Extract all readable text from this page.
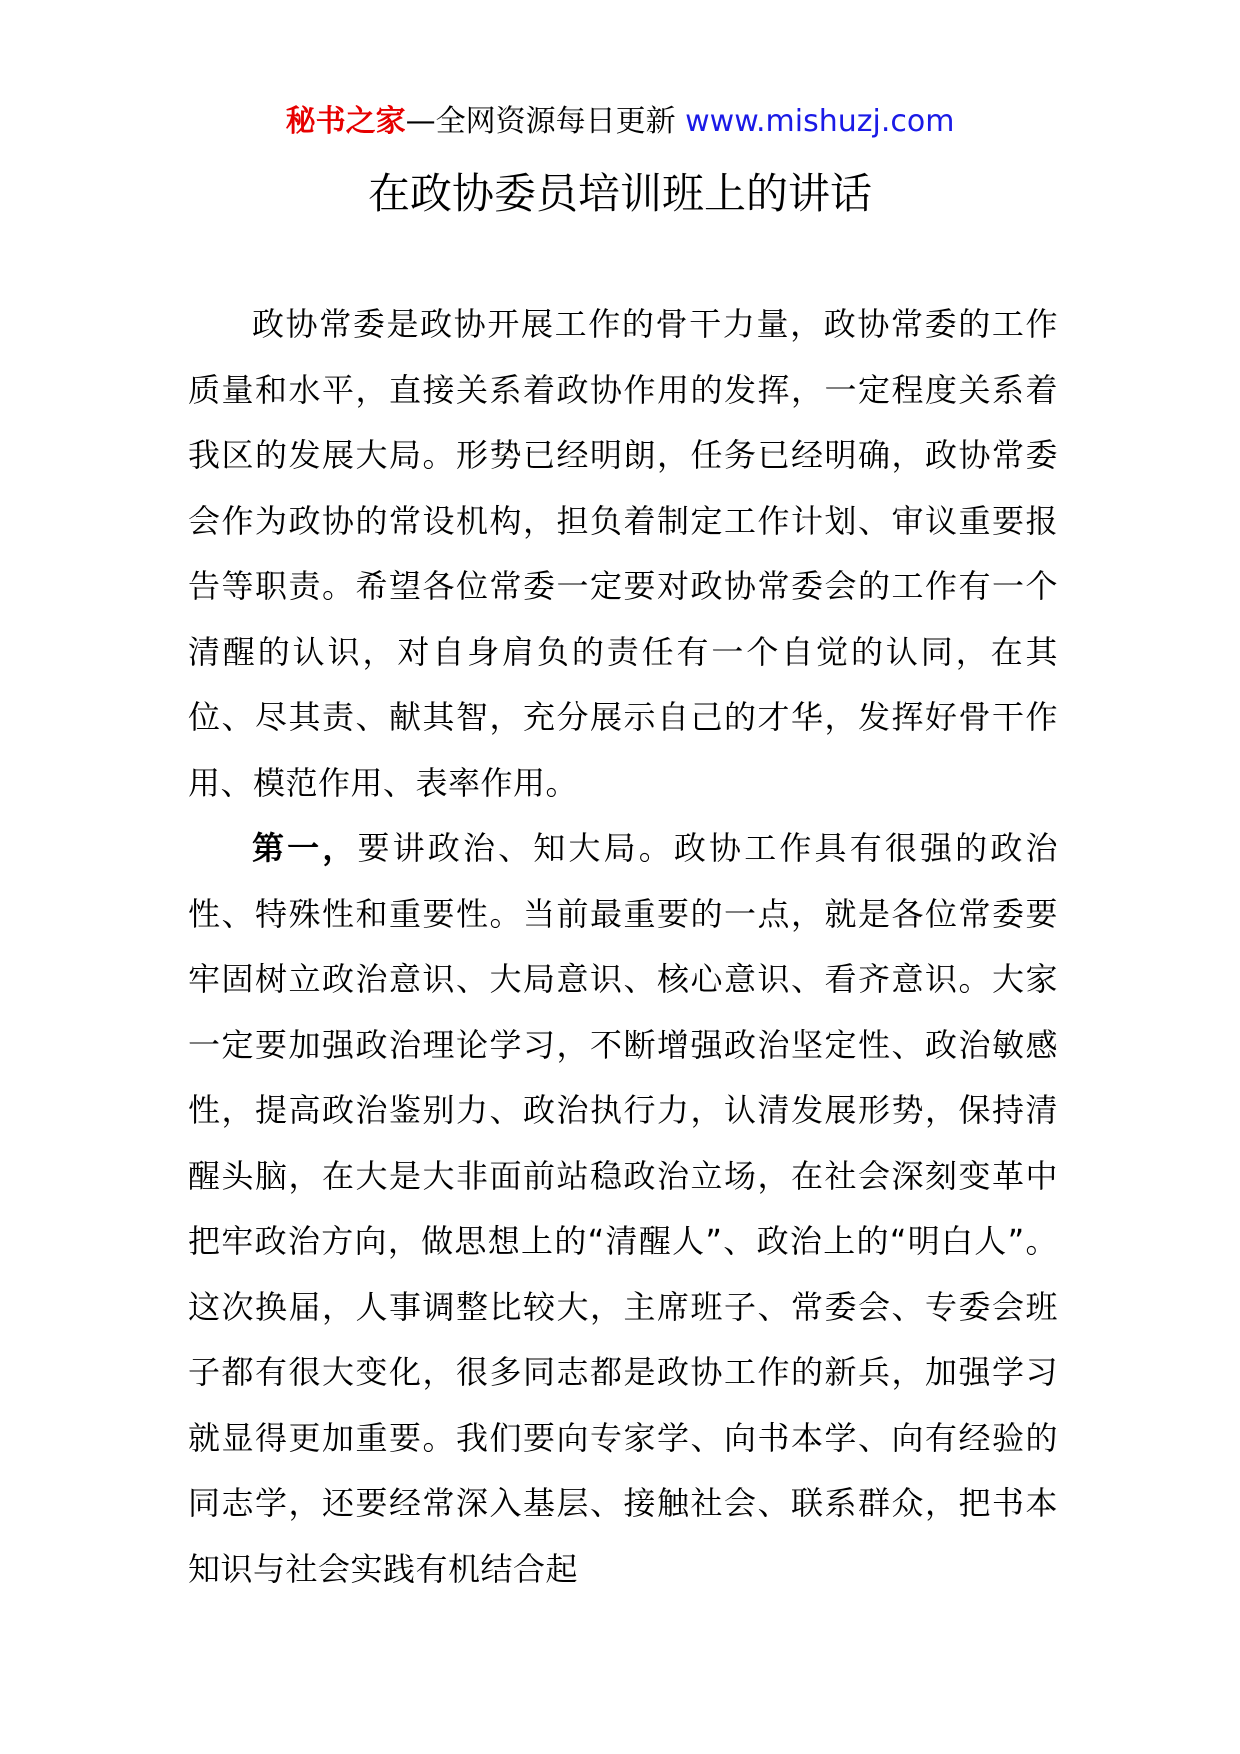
秘书之家—全网资源每日更新 www.mishuzj.com
在政协委员培训班上的讲话

政协常委是政协开展工作的骨干力量，政协常委的工作质量和水平，直接关系着政协作用的发挥，一定程度关系着我区的发展大局。形势已经明朗，任务已经明确，政协常委会作为政协的常设机构，担负着制定工作计划、审议重要报告等职责。希望各位常委一定要对政协常委会的工作有一个清醒的认识，对自身肩负的责任有一个自觉的认同，在其位、尽其责、献其智，充分展示自己的才华，发挥好骨干作用、模范作用、表率作用。

第一，要讲政治、知大局。政协工作具有很强的政治性、特殊性和重要性。当前最重要的一点，就是各位常委要牢固树立政治意识、大局意识、核心意识、看齐意识。大家一定要加强政治理论学习，不断增强政治坚定性、政治敏感性，提高政治鉴别力、政治执行力，认清发展形势，保持清醒头脑，在大是大非面前站稳政治立场，在社会深刻变革中把牢政治方向，做思想上的“清醒人”、政治上的“明白人”。这次换届，人事调整比较大，主席班子、常委会、专委会班子都有很大变化，很多同志都是政协工作的新兵，加强学习就显得更加重要。我们要向专家学、向书本学、向有经验的同志学，还要经常深入基层、接触社会、联系群众，把书本知识与社会实践有机结合起
